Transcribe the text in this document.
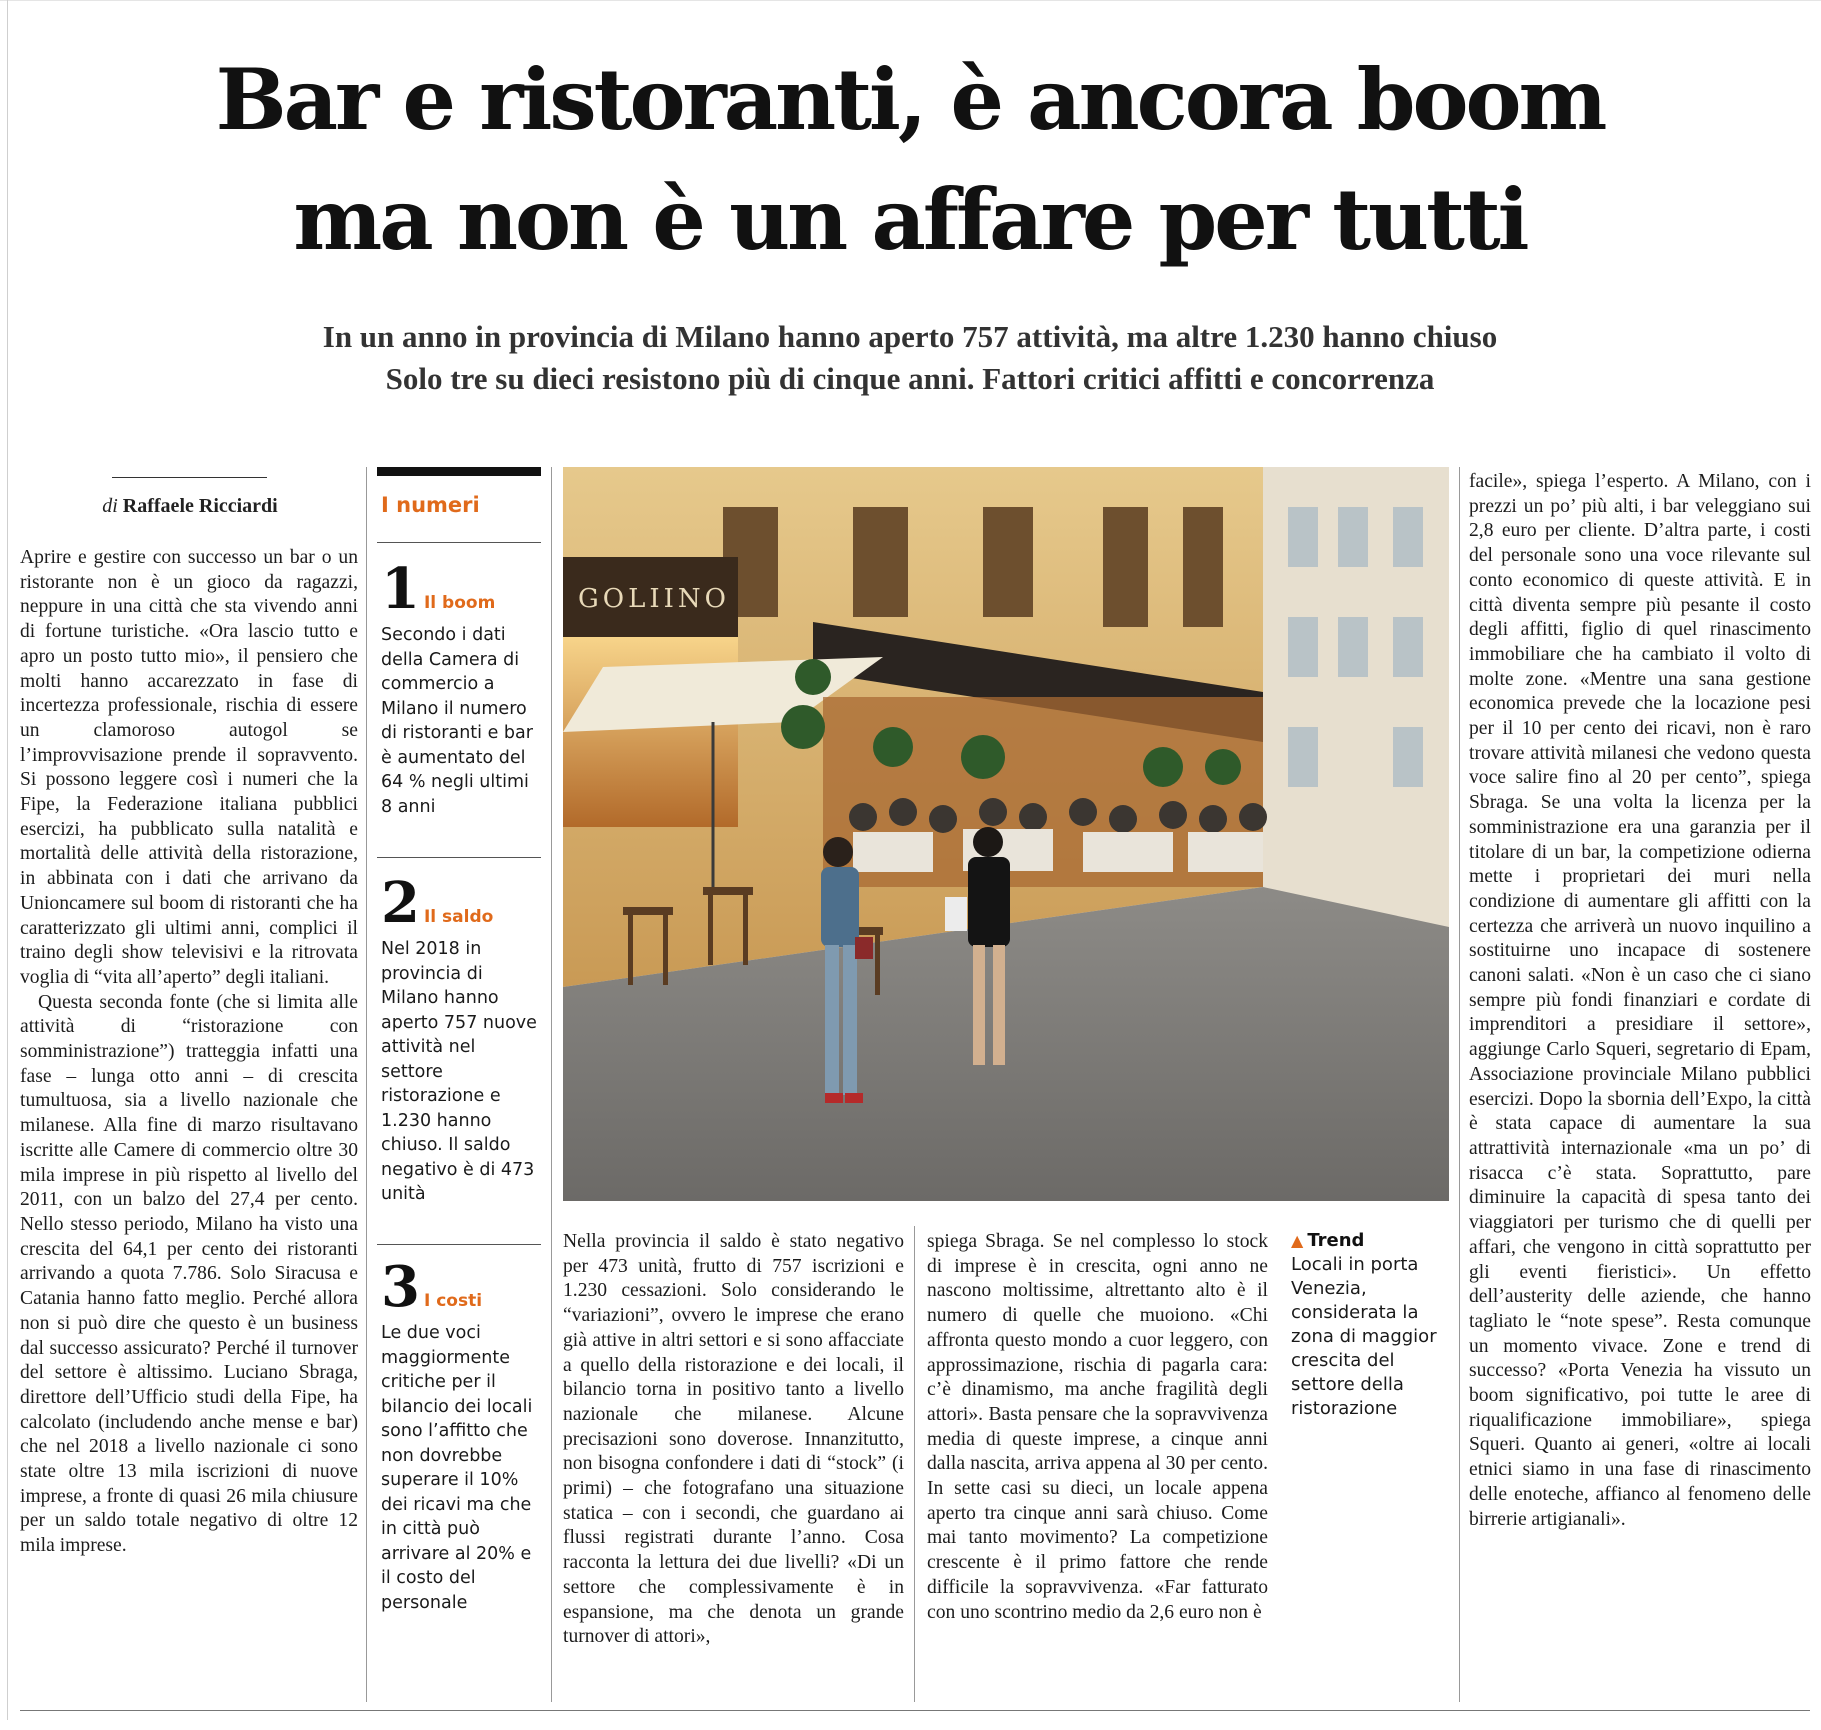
Bar e ristoranti, è ancora boom
ma non è un affare per tutti
In un anno in provincia di Milano hanno aperto 757 attività, ma altre 1.230 hanno chiuso
Solo tre su dieci resistono più di cinque anni. Fattori critici affitti e concorrenza
di Raffaele Ricciardi

Aprire e gestire con successo un bar o un ristorante non è un gioco da ragazzi, neppure in una città che sta vivendo anni di fortune turistiche. «Ora lascio tutto e apro un posto tutto mio», il pensiero che molti hanno accarezzato in fase di incertezza professionale, rischia di essere un clamoroso autogol se l’improvvisazione prende il sopravvento. Si possono leggere così i numeri che la Fipe, la Federazione italiana pubblici esercizi, ha pubblicato sulla natalità e mortalità delle attività della ristorazione, in abbinata con i dati che arrivano da Unioncamere sul boom di ristoranti che ha caratterizzato gli ultimi anni, complici il traino degli show televisivi e la ritrovata voglia di “vita all’aperto” degli italiani.

Questa seconda fonte (che si limita alle attività di “ristorazione con somministrazione”) tratteggia infatti una fase – lunga otto anni – di crescita tumultuosa, sia a livello nazionale che milanese. Alla fine di marzo risultavano iscritte alle Camere di commercio oltre 30 mila imprese in più rispetto al livello del 2011, con un balzo del 27,4 per cento. Nello stesso periodo, Milano ha visto una crescita del 64,1 per cento dei ristoranti arrivando a quota 7.786. Solo Siracusa e Catania hanno fatto meglio. Perché allora non si può dire che questo è un business dal successo assicurato? Perché il turnover del settore è altissimo. Luciano Sbraga, direttore dell’Ufficio studi della Fipe, ha calcolato (includendo anche mense e bar) che nel 2018 a livello nazionale ci sono state oltre 13 mila iscrizioni di nuove imprese, a fronte di quasi 26 mila chiusure per un saldo totale negativo di oltre 12 mila imprese.

I numeri
1 Il boom
Secondo i dati della Camera di commercio a Milano il numero di ristoranti e bar è aumentato del 64 % negli ultimi 8 anni
2 Il saldo
Nel 2018 in provincia di Milano hanno aperto 757 nuove attività nel settore ristorazione e 1.230 hanno chiuso. Il saldo negativo è di 473 unità
3 I costi
Le due voci maggiormente critiche per il bilancio dei locali sono l’affitto che non dovrebbe superare il 10% dei ricavi ma che in città può arrivare al 20% e il costo del personale
GOLIINO

Nella provincia il saldo è stato negativo per 473 unità, frutto di 757 iscrizioni e 1.230 cessazioni. Solo considerando le “variazioni”, ovvero le imprese che erano già attive in altri settori e si sono affacciate a quello della ristorazione e dei locali, il bilancio torna in positivo tanto a livello nazionale che milanese. Alcune precisazioni sono doverose. Innanzitutto, non bisogna confondere i dati di “stock” (i primi) – che fotografano una situazione statica – con i secondi, che guardano ai flussi registrati durante l’anno. Cosa racconta la lettura dei due livelli? «Di un settore che complessivamente è in espansione, ma che denota un grande turnover di attori»,

spiega Sbraga. Se nel complesso lo stock di imprese è in crescita, ogni anno ne nascono moltissime, altrettanto alto è il numero di quelle che muoiono. «Chi affronta questo mondo a cuor leggero, con approssimazione, rischia di pagarla cara: c’è dinamismo, ma anche fragilità degli attori». Basta pensare che la sopravvivenza media di queste imprese, a cinque anni dalla nascita, arriva appena al 30 per cento. In sette casi su dieci, un locale appena aperto tra cinque anni sarà chiuso. Come mai tanto movimento? La competizione crescente è il primo fattore che rende difficile la sopravvivenza. «Far fatturato con uno scontrino medio da 2,6 euro non è

▲ Trend
Locali in porta Venezia, considerata la zona di maggior crescita del settore della ristorazione

facile», spiega l’esperto. A Milano, con i prezzi un po’ più alti, i bar veleggiano sui 2,8 euro per cliente. D’altra parte, i costi del personale sono una voce rilevante sul conto economico di queste attività. E in città diventa sempre più pesante il costo degli affitti, figlio di quel rinascimento immobiliare che ha cambiato il volto di molte zone. «Mentre una sana gestione economica prevede che la locazione pesi per il 10 per cento dei ricavi, non è raro trovare attività milanesi che vedono questa voce salire fino al 20 per cento”, spiega Sbraga. Se una volta la licenza per la somministrazione era una garanzia per il titolare di un bar, la competizione odierna mette i proprietari dei muri nella condizione di aumentare gli affitti con la certezza che arriverà un nuovo inquilino a sostituirne uno incapace di sostenere canoni salati. «Non è un caso che ci siano sempre più fondi finanziari e cordate di imprenditori a presidiare il settore», aggiunge Carlo Squeri, segretario di Epam, Associazione provinciale Milano pubblici esercizi. Dopo la sbornia dell’Expo, la città è stata capace di aumentare la sua attrattività internazionale «ma un po’ di risacca c’è stata. Soprattutto, pare diminuire la capacità di spesa tanto dei viaggiatori per turismo che di quelli per affari, che vengono in città soprattutto per gli eventi fieristici». Un effetto dell’austerity delle aziende, che hanno tagliato le “note spese”. Resta comunque un momento vivace. Zone e trend di successo? «Porta Venezia ha vissuto un boom significativo, poi tutte le aree di riqualificazione immobiliare», spiega Squeri. Quanto ai generi, «oltre ai locali etnici siamo in una fase di rinascimento delle enoteche, affianco al fenomeno delle birrerie artigianali».
